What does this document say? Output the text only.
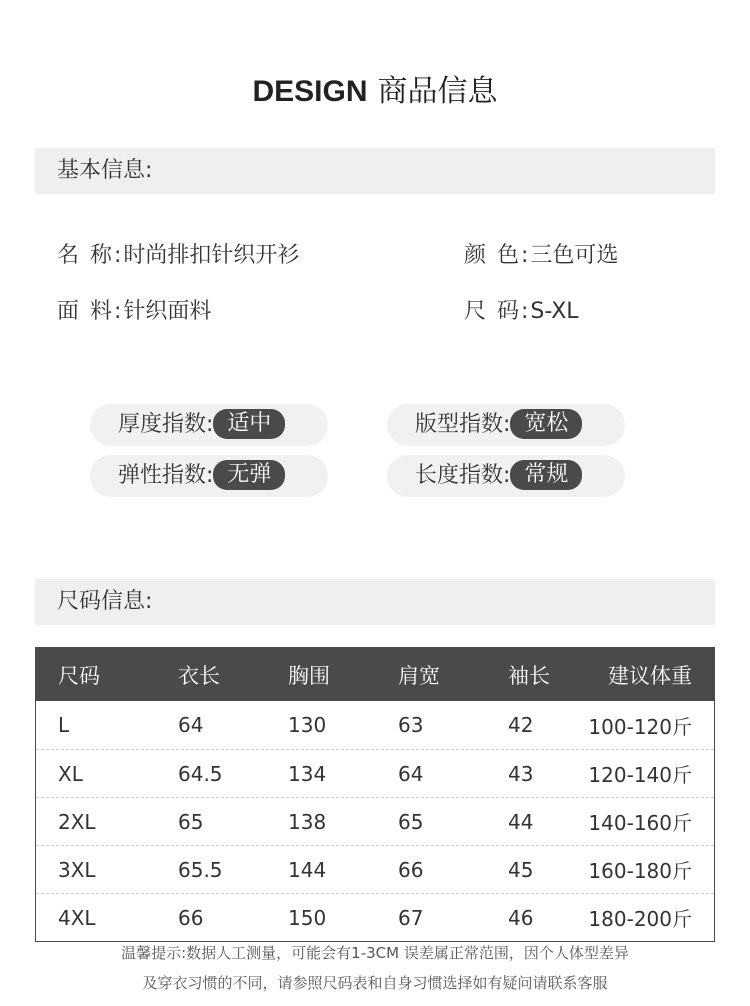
DESIGN 商品信息
基本信息:
名 称:时尚排扣针织开衫	颜 色:三色可选
面 料:针织面料	尺 码:S-XL
厚度指数: 适中	版型指数: 宽松
弹性指数: 无弹	长度指数: 常规
尺码信息:
尺码	衣长	胸围	肩宽	袖长	建议体重
L	64	130	63	42	100-120斤
XL	64.5	134	64	43	120-140斤
2XL	65	138	65	44	140-160斤
3XL	65.5	144	66	45	160-180斤
4XL	66	150	67	46	180-200斤
温馨提示:数据人工测量，可能会有1-3CM 误差属正常范围，因个人体型差异
及穿衣习惯的不同，请参照尺码表和自身习惯选择如有疑问请联系客服
